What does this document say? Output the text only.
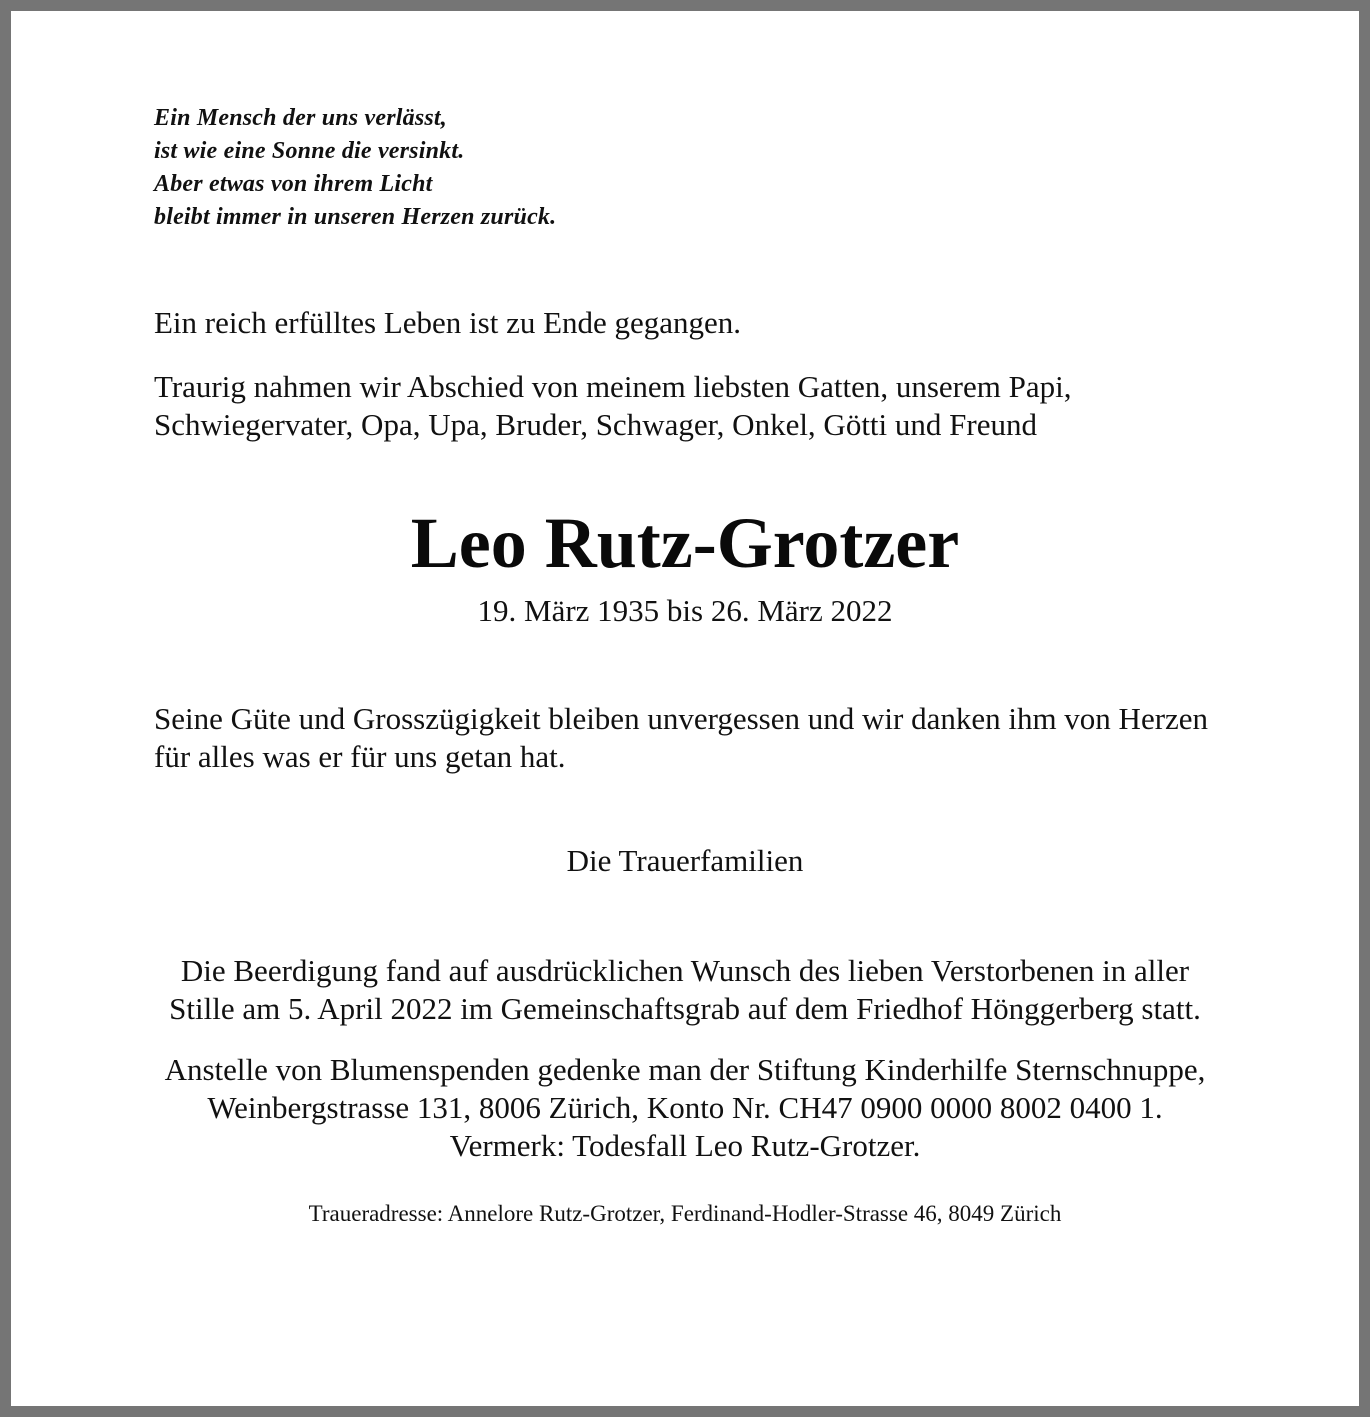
Ein Mensch der uns verlässt,
ist wie eine Sonne die versinkt.
Aber etwas von ihrem Licht
bleibt immer in unseren Herzen zurück.

Ein reich erfülltes Leben ist zu Ende gegangen.

Traurig nahmen wir Abschied von meinem liebsten Gatten, unserem Papi, Schwiegervater, Opa, Upa, Bruder, Schwager, Onkel, Götti und Freund

Leo Rutz-Grotzer

19. März 1935 bis 26. März 2022

Seine Güte und Grosszügigkeit bleiben unvergessen und wir danken ihm von Herzen für alles was er für uns getan hat.

Die Trauerfamilien

Die Beerdigung fand auf ausdrücklichen Wunsch des lieben Verstorbenen in aller Stille am 5. April 2022 im Gemeinschaftsgrab auf dem Friedhof Hönggerberg statt.

Anstelle von Blumenspenden gedenke man der Stiftung Kinderhilfe Sternschnuppe, Weinbergstrasse 131, 8006 Zürich, Konto Nr. CH47 0900 0000 8002 0400 1. Vermerk: Todesfall Leo Rutz-Grotzer.

Traueradresse: Annelore Rutz-Grotzer, Ferdinand-Hodler-Strasse 46, 8049 Zürich
